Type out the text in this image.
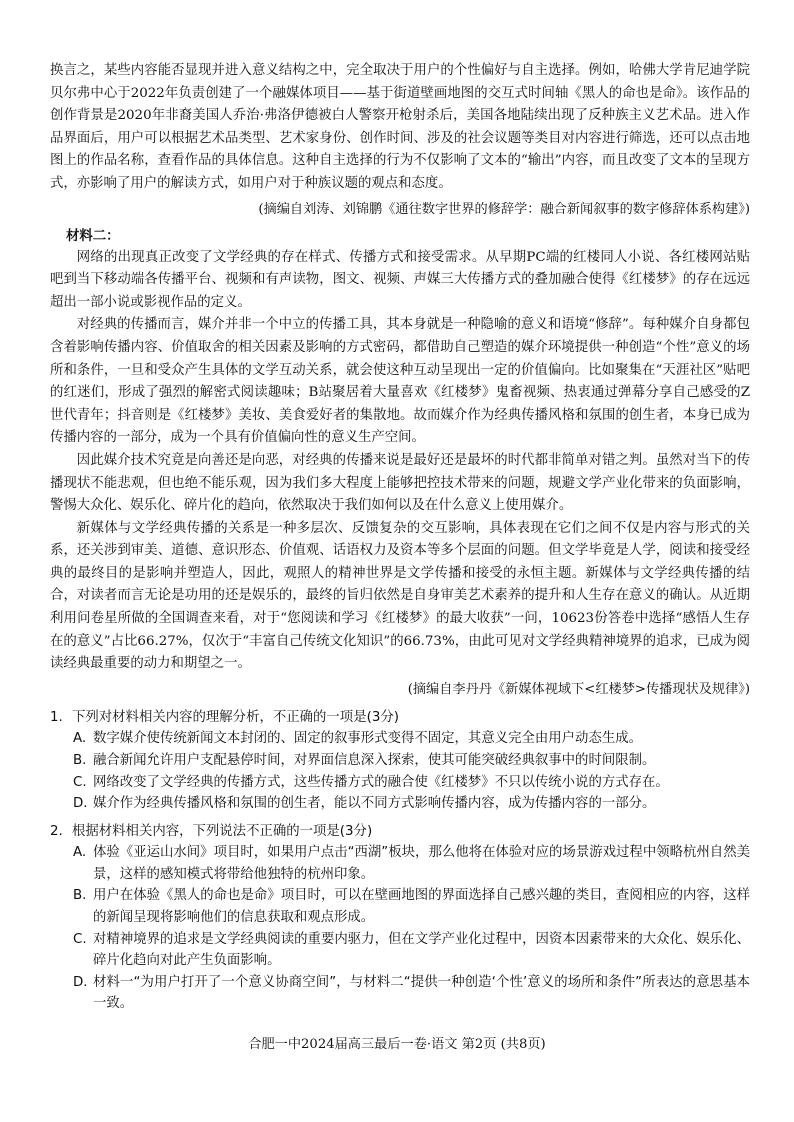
换言之，某些内容能否显现并进入意义结构之中，完全取决于用户的个性偏好与自主选择。例如，哈佛大学肯尼迪学院贝尔弗中心于2022年负责创建了一个融媒体项目——基于街道壁画地图的交互式时间轴《黑人的命也是命》。该作品的创作背景是2020年非裔美国人乔治·弗洛伊德被白人警察开枪射杀后，美国各地陆续出现了反种族主义艺术品。进入作品界面后，用户可以根据艺术品类型、艺术家身份、创作时间、涉及的社会议题等类目对内容进行筛选，还可以点击地图上的作品名称，查看作品的具体信息。这种自主选择的行为不仅影响了文本的“输出”内容，而且改变了文本的呈现方式，亦影响了用户的解读方式，如用户对于种族议题的观点和态度。

(摘编自刘涛、刘锦鹏《通往数字世界的修辞学：融合新闻叙事的数字修辞体系构建》)

材料二：

网络的出现真正改变了文学经典的存在样式、传播方式和接受需求。从早期PC端的红楼同人小说、各红楼网站贴吧到当下移动端各传播平台、视频和有声读物，图文、视频、声媒三大传播方式的叠加融合使得《红楼梦》的存在远远超出一部小说或影视作品的定义。

对经典的传播而言，媒介并非一个中立的传播工具，其本身就是一种隐喻的意义和语境“修辞”。每种媒介自身都包含着影响传播内容、价值取舍的相关因素及影响的方式密码，都借助自己塑造的媒介环境提供一种创造“个性”意义的场所和条件，一旦和受众产生具体的文学互动关系，就会使这种互动呈现出一定的价值偏向。比如聚集在“天涯社区”贴吧的红迷们，形成了强烈的解密式阅读趣味；B站聚居着大量喜欢《红楼梦》鬼畜视频、热衷通过弹幕分享自己感受的Z世代青年；抖音则是《红楼梦》美妆、美食爱好者的集散地。故而媒介作为经典传播风格和氛围的创生者，本身已成为传播内容的一部分，成为一个具有价值偏向性的意义生产空间。

因此媒介技术究竟是向善还是向恶，对经典的传播来说是最好还是最坏的时代都非简单对错之判。虽然对当下的传播现状不能悲观，但也绝不能乐观，因为我们多大程度上能够把控技术带来的问题，规避文学产业化带来的负面影响，警惕大众化、娱乐化、碎片化的趋向，依然取决于我们如何以及在什么意义上使用媒介。

新媒体与文学经典传播的关系是一种多层次、反馈复杂的交互影响，具体表现在它们之间不仅是内容与形式的关系，还关涉到审美、道德、意识形态、价值观、话语权力及资本等多个层面的问题。但文学毕竟是人学，阅读和接受经典的最终目的是影响并塑造人，因此，观照人的精神世界是文学传播和接受的永恒主题。新媒体与文学经典传播的结合，对读者而言无论是功用的还是娱乐的，最终的旨归依然是自身审美艺术素养的提升和人生存在意义的确认。从近期利用问卷星所做的全国调查来看，对于“您阅读和学习《红楼梦》的最大收获”一问，10623份答卷中选择“感悟人生存在的意义”占比66.27%，仅次于“丰富自己传统文化知识”的66.73%，由此可见对文学经典精神境界的追求，已成为阅读经典最重要的动力和期望之一。

(摘编自李丹丹《新媒体视域下<红楼梦>传播现状及规律》)

1. 下列对材料相关内容的理解分析，不正确的一项是(3分)
A. 数字媒介使传统新闻文本封闭的、固定的叙事形式变得不固定，其意义完全由用户动态生成。
B. 融合新闻允许用户支配悬停时间，对界面信息深入探索，使其可能突破经典叙事中的时间限制。
C. 网络改变了文学经典的传播方式，这些传播方式的融合使《红楼梦》不只以传统小说的方式存在。
D. 媒介作为经典传播风格和氛围的创生者，能以不同方式影响传播内容，成为传播内容的一部分。
2. 根据材料相关内容，下列说法不正确的一项是(3分)
A. 体验《亚运山水间》项目时，如果用户点击“西湖”板块，那么他将在体验对应的场景游戏过程中领略杭州自然美景，这样的感知模式将带给他独特的杭州印象。
B. 用户在体验《黑人的命也是命》项目时，可以在壁画地图的界面选择自己感兴趣的类目，查阅相应的内容，这样的新闻呈现将影响他们的信息获取和观点形成。
C. 对精神境界的追求是文学经典阅读的重要内驱力，但在文学产业化过程中，因资本因素带来的大众化、娱乐化、碎片化趋向对此产生负面影响。
D. 材料一“为用户打开了一个意义协商空间”，与材料二“提供一种创造‘个性’意义的场所和条件”所表达的意思基本一致。
合肥一中2024届高三最后一卷·语文 第2页 (共8页)
